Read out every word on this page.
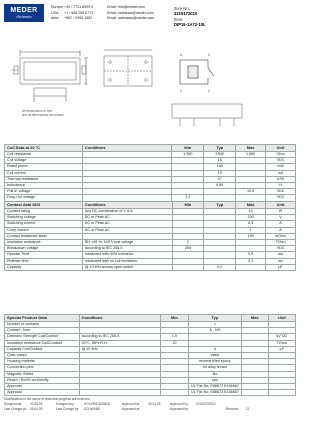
MEDER
electronics
Europe: +49 / 7731 8399 0	Email: info@meder.com
USA:	+1 / 508 295 0771	Email: salesusa@meder.com
Asia:	+852 / 2955 1682	Email: salesasia@meder.com
Item No.:
3215172010
Item:
DIP15-1A72-10L
1	2
4	3
All dimensions in mm
Not all dimensions are shown
Coil Data at 20 °C	Conditions	Min	Typ	Max	Unit
Coil resistance		1.350	1.500	1.650	Ohm
Coil voltage			15		VDC
Rated power			150		mW
Coil current			10		mA
Thermal resistance			57		K/W
Inductance			0.65		H
Pull-In voltage				10,5	VDC
Drop-Out voltage		2,2			VDC
Contact data 66/3	Conditions	Min	Typ	Max	Unit
Contact rating	Any DC combination of V & A			10	W
Switching voltage	DC or Peak AC			200	V
Switching current	DC or Peak AC			0,5	A
Carry current	DC or Peak AC			1	A
Contact resistance static				150	mOhm
Insulation resistance	RH <45 %, 100 V test voltage	1			TOhm
Breakdown voltage	according to IEC 255-5	250			VDC
Operate Time	measured with 40% overdrive			0,5	ms
Release time	measured with no coil excitation			0,1	ms
Capacity	@ 10 kHz across open switch		0,2		pF
Special Product Data	Conditions	Min	Typ	Max	Unit
Number of contacts			1		
Contact - form			A - NO		
Dielectric Strength Coil/Contact	according to IEC 255-5	1,5			kV DC
Insulation resistance Coil/Contact	40°C, 95% R.H.	10			TOhm
Capacity Coil/Contact	@ 10 kHz		4		pF
Case colour			black		
Housing material			mineral filled epoxy		
Connection pins			tin alloy tinned		
Magnetic Shield			No		
Reach / RoHS conformity			yes		
Approval			UL File No. E88673 E156667		
Approval			UL File No. E88673 E156667		
Modifications in the sense of technical progress are reserved
Designed at:	03.05.99	Designed by:	HOCHRE/DANDO	Approved at:	06.04.09	Approved by:	VOLKER/GUI
Last Change at:	05.04.09	Last Change by:	SCHWABE	Approved at:	Approved by:	Revision:	11
